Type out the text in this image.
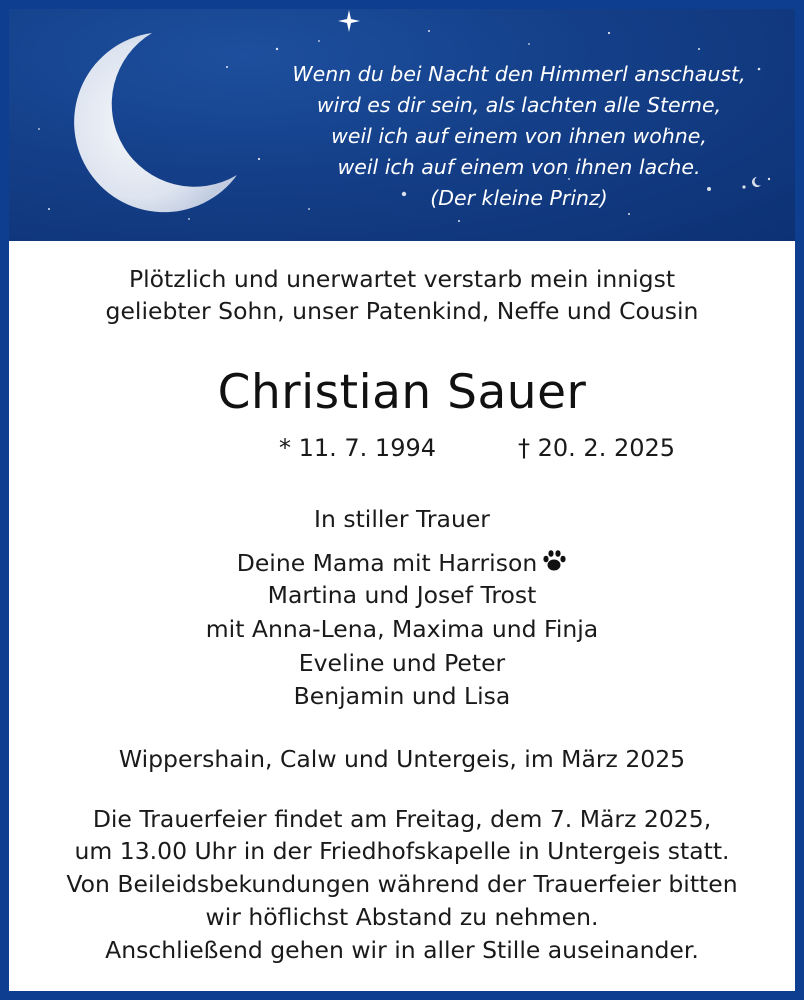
Wenn du bei Nacht den Himmerl anschaust,
wird es dir sein, als lachten alle Sterne,
weil ich auf einem von ihnen wohne,
weil ich auf einem von ihnen lache.
(Der kleine Prinz)
Plötzlich und unerwartet verstarb mein innigst
geliebter Sohn, unser Patenkind, Neffe und Cousin
Christian Sauer
* 11. 7. 1994	† 20. 2. 2025
In stiller Trauer
Deine Mama mit Harrison
Martina und Josef Trost
mit Anna-Lena, Maxima und Finja
Eveline und Peter
Benjamin und Lisa
Wippershain, Calw und Untergeis, im März 2025
Die Trauerfeier findet am Freitag, dem 7. März 2025,
um 13.00 Uhr in der Friedhofskapelle in Untergeis statt.
Von Beileidsbekundungen während der Trauerfeier bitten
wir höflichst Abstand zu nehmen.
Anschließend gehen wir in aller Stille auseinander.
